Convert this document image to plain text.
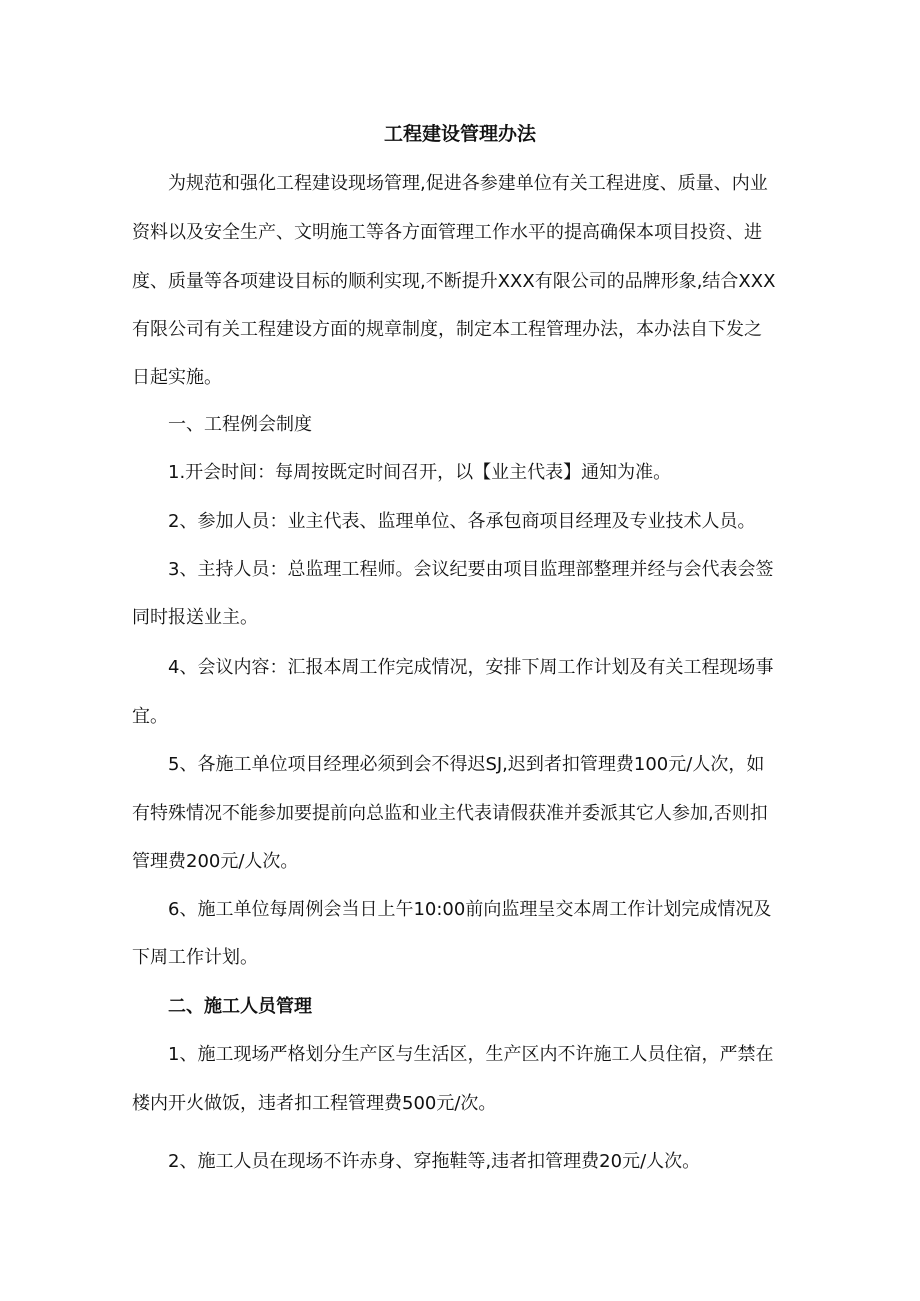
工程建设管理办法

为规范和强化工程建设现场管理,促进各参建单位有关工程进度、质量、内业

资料以及安全生产、文明施工等各方面管理工作水平的提高确保本项目投资、进

度、质量等各项建设目标的顺利实现,不断提升XXX有限公司的品牌形象,结合XXX

有限公司有关工程建设方面的规章制度，制定本工程管理办法，本办法自下发之

日起实施。

一、工程例会制度

1.开会时间：每周按既定时间召开，以【业主代表】通知为准。

2、参加人员：业主代表、监理单位、各承包商项目经理及专业技术人员。

3、主持人员：总监理工程师。会议纪要由项目监理部整理并经与会代表会签

同时报送业主。

4、会议内容：汇报本周工作完成情况，安排下周工作计划及有关工程现场事

宜。

5、各施工单位项目经理必须到会不得迟SJ,迟到者扣管理费100元/人次，如

有特殊情况不能参加要提前向总监和业主代表请假获准并委派其它人参加,否则扣

管理费200元/人次。

6、施工单位每周例会当日上午10:00前向监理呈交本周工作计划完成情况及

下周工作计划。

二、施工人员管理

1、施工现场严格划分生产区与生活区，生产区内不许施工人员住宿，严禁在

楼内开火做饭，违者扣工程管理费500元/次。

2、施工人员在现场不许赤身、穿拖鞋等,违者扣管理费20元/人次。
